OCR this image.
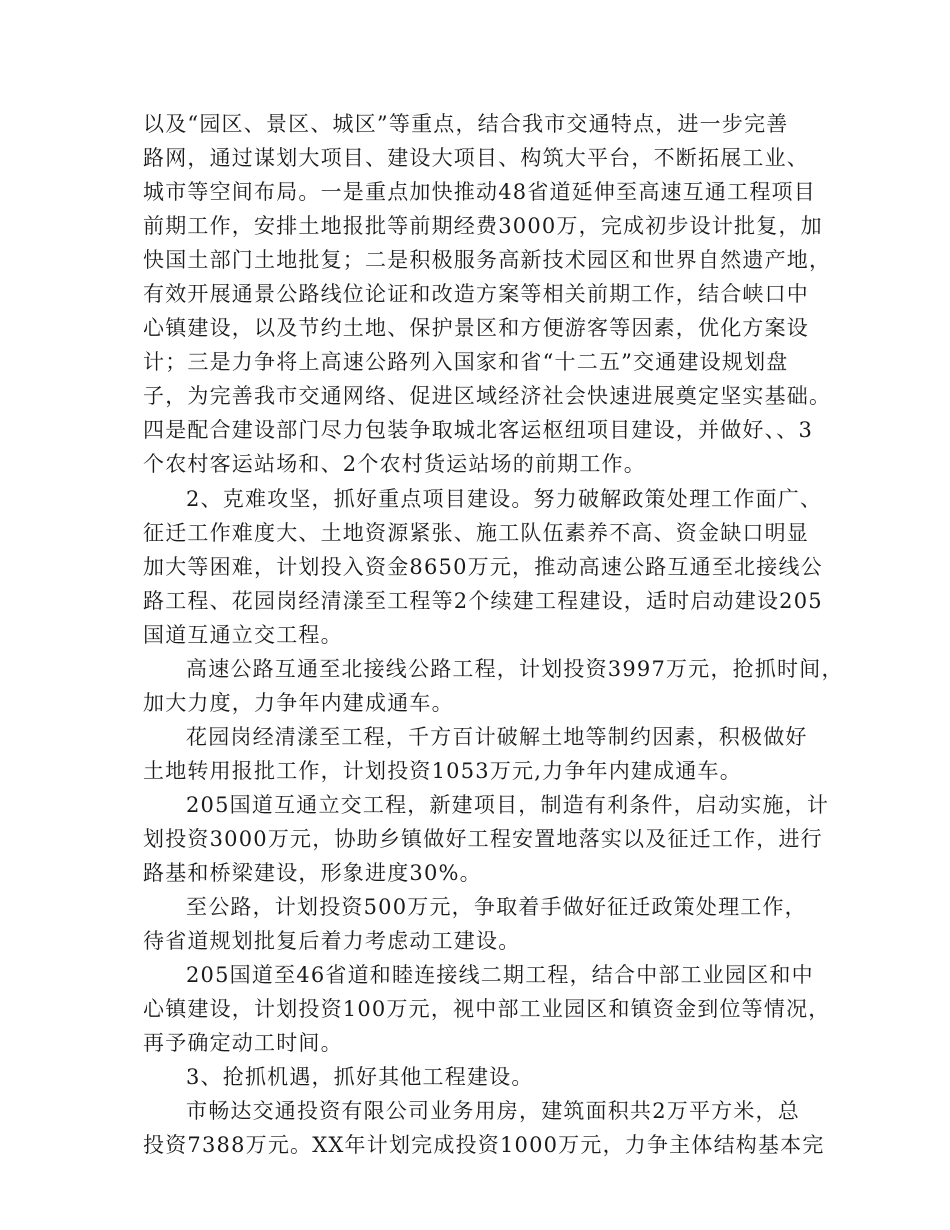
以及“园区、景区、城区”等重点，结合我市交通特点，进一步完善
路网，通过谋划大项目、建设大项目、构筑大平台，不断拓展工业、
城市等空间布局。一是重点加快推动48省道延伸至高速互通工程项目
前期工作，安排土地报批等前期经费3000万，完成初步设计批复，加
快国土部门土地批复；二是积极服务高新技术园区和世界自然遗产地，
有效开展通景公路线位论证和改造方案等相关前期工作，结合峡口中
心镇建设，以及节约土地、保护景区和方便游客等因素，优化方案设
计；三是力争将上高速公路列入国家和省“十二五”交通建设规划盘
子，为完善我市交通网络、促进区域经济社会快速进展奠定坚实基础。
四是配合建设部门尽力包装争取城北客运枢纽项目建设，并做好、、3
个农村客运站场和、2个农村货运站场的前期工作。
2、克难攻坚，抓好重点项目建设。努力破解政策处理工作面广、
征迁工作难度大、土地资源紧张、施工队伍素养不高、资金缺口明显
加大等困难，计划投入资金8650万元，推动高速公路互通至北接线公
路工程、花园岗经清漾至工程等2个续建工程建设，适时启动建设205
国道互通立交工程。
高速公路互通至北接线公路工程，计划投资3997万元，抢抓时间，
加大力度，力争年内建成通车。
花园岗经清漾至工程，千方百计破解土地等制约因素，积极做好
土地转用报批工作，计划投资1053万元,力争年内建成通车。
205国道互通立交工程，新建项目，制造有利条件，启动实施，计
划投资3000万元，协助乡镇做好工程安置地落实以及征迁工作，进行
路基和桥梁建设，形象进度30%。
至公路，计划投资500万元，争取着手做好征迁政策处理工作，
待省道规划批复后着力考虑动工建设。
205国道至46省道和睦连接线二期工程，结合中部工业园区和中
心镇建设，计划投资100万元，视中部工业园区和镇资金到位等情况，
再予确定动工时间。
3、抢抓机遇，抓好其他工程建设。
市畅达交通投资有限公司业务用房，建筑面积共2万平方米，总
投资7388万元。XX年计划完成投资1000万元，力争主体结构基本完
